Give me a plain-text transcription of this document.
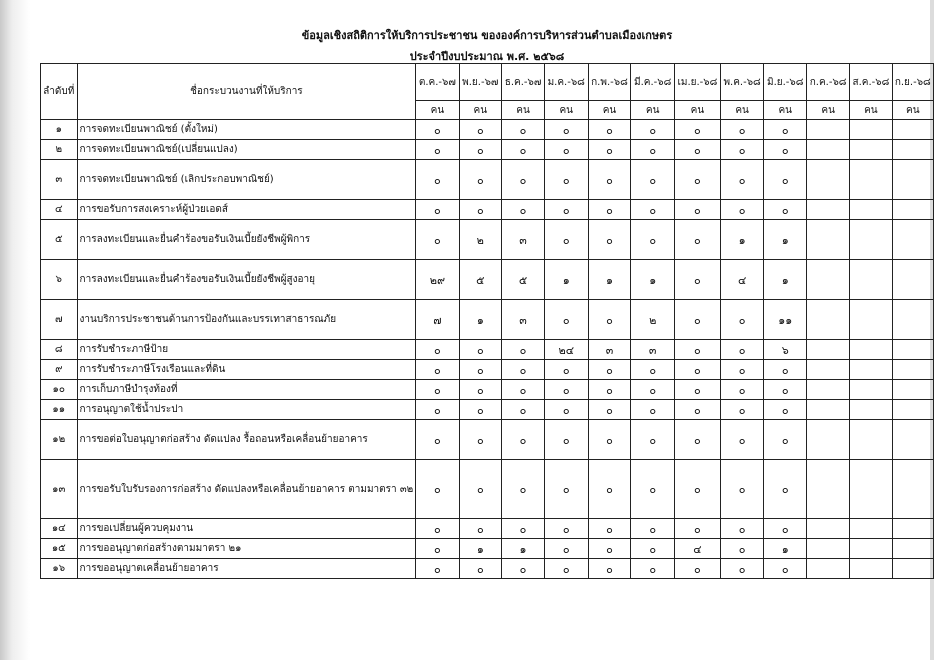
ข้อมูลเชิงสถิติการให้บริการประชาชน ขององค์การบริหารส่วนตำบลเมืองเกษตร
ประจำปีงบประมาณ พ.ศ. ๒๕๖๘
ลำดับที่	ชื่อกระบวนงานที่ให้บริการ	ต.ค.-๖๗	พ.ย.-๖๗	ธ.ค.-๖๗	ม.ค.-๖๘	ก.พ.-๖๘	มี.ค.-๖๘	เม.ย.-๖๘	พ.ค.-๖๘	มิ.ย.-๖๘	ก.ค.-๖๘	ส.ค.-๖๘	ก.ย.-๖๘
		คน	คน	คน	คน	คน	คน	คน	คน	คน	คน	คน	คน
๑	การจดทะเบียนพาณิชย์ (ตั้งใหม่)	๐	๐	๐	๐	๐	๐	๐	๐	๐			
๒	การจดทะเบียนพาณิชย์(เปลี่ยนแปลง)	๐	๐	๐	๐	๐	๐	๐	๐	๐			
๓	การจดทะเบียนพาณิชย์ (เลิกประกอบพาณิชย์)	๐	๐	๐	๐	๐	๐	๐	๐	๐			
๔	การขอรับการสงเคราะห์ผู้ป่วยเอดส์	๐	๐	๐	๐	๐	๐	๐	๐	๐			
๕	การลงทะเบียนและยื่นคำร้องขอรับเงินเบี้ยยังชีพผู้พิการ	๐	๒	๓	๐	๐	๐	๐	๑	๑			
๖	การลงทะเบียนและยื่นคำร้องขอรับเงินเบี้ยยังชีพผู้สูงอายุ	๒๙	๕	๕	๑	๑	๑	๐	๔	๑			
๗	งานบริการประชาชนด้านการป้องกันและบรรเทาสาธารณภัย	๗	๑	๓	๐	๐	๒	๐	๐	๑๑			
๘	การรับชำระภาษีป้าย	๐	๐	๐	๒๔	๓	๓	๐	๐	๖			
๙	การรับชำระภาษีโรงเรือนและที่ดิน	๐	๐	๐	๐	๐	๐	๐	๐	๐			
๑๐	การเก็บภาษีบำรุงท้องที่	๐	๐	๐	๐	๐	๐	๐	๐	๐			
๑๑	การอนุญาตใช้น้ำประปา	๐	๐	๐	๐	๐	๐	๐	๐	๐			
๑๒	การขอต่อใบอนุญาตก่อสร้าง ดัดแปลง รื้อถอนหรือเคลื่อนย้ายอาคาร	๐	๐	๐	๐	๐	๐	๐	๐	๐			
๑๓	การขอรับใบรับรองการก่อสร้าง ดัดแปลงหรือเคลื่อนย้ายอาคาร ตามมาตรา ๓๒	๐	๐	๐	๐	๐	๐	๐	๐	๐			
๑๔	การขอเปลี่ยนผู้ควบคุมงาน	๐	๐	๐	๐	๐	๐	๐	๐	๐			
๑๕	การขออนุญาตก่อสร้างตามมาตรา ๒๑	๐	๑	๑	๐	๐	๐	๔	๐	๑			
๑๖	การขออนุญาตเคลื่อนย้ายอาคาร	๐	๐	๐	๐	๐	๐	๐	๐	๐			
